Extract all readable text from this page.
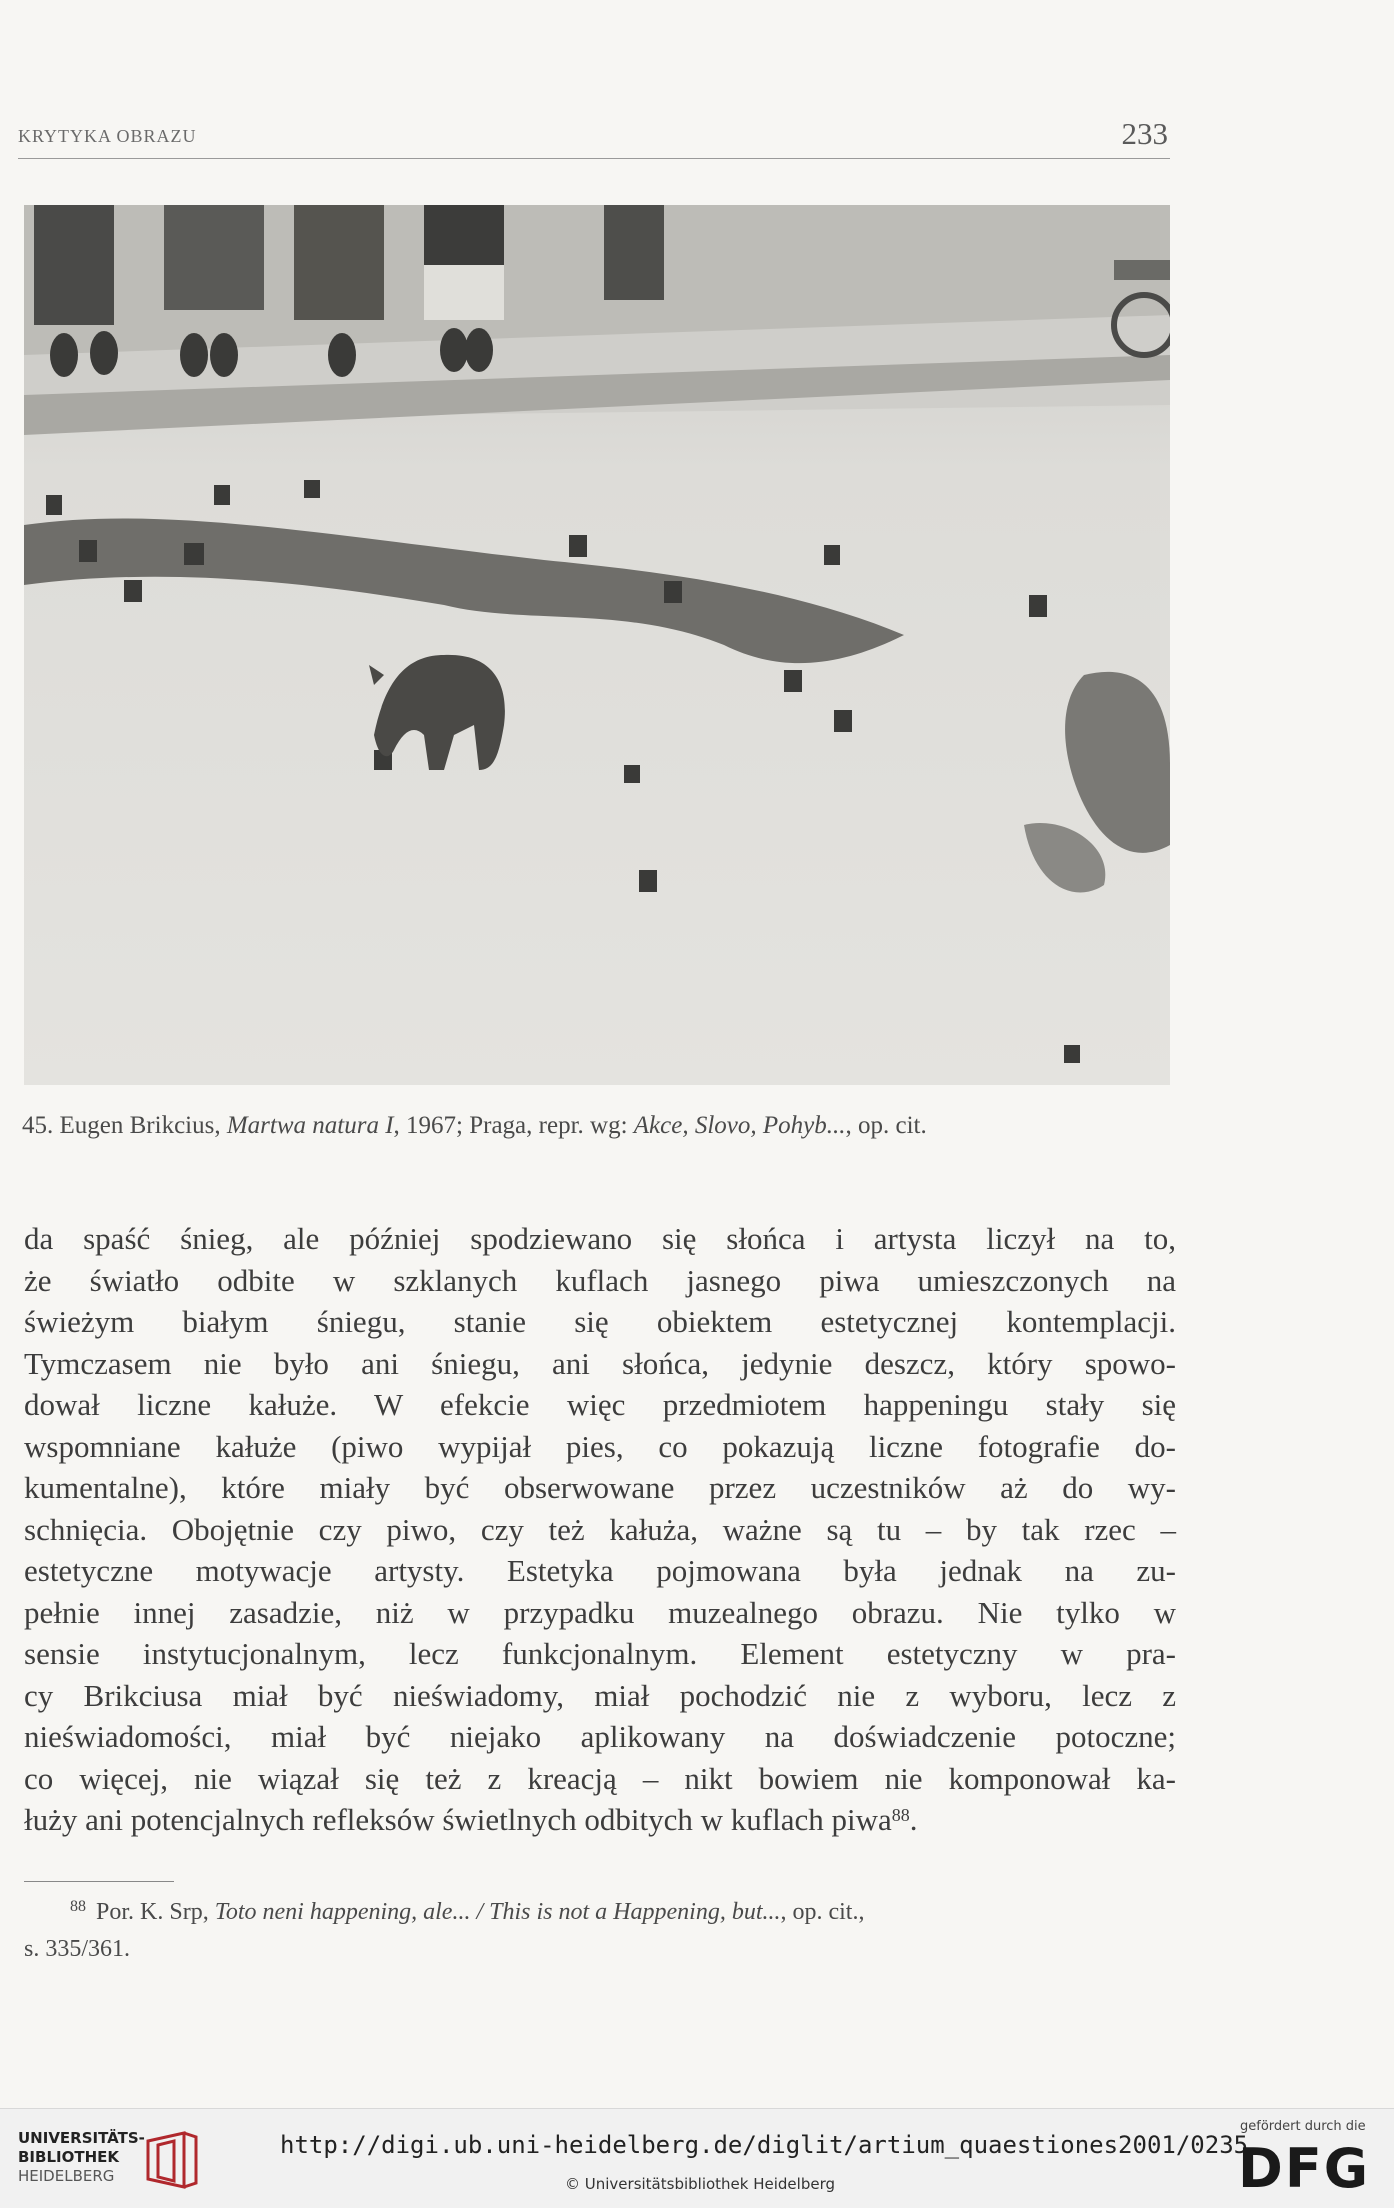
KRYTYKA OBRAZU	233
45. Eugen Brikcius, Martwa natura I, 1967; Praga, repr. wg: Akce, Slovo, Pohyb..., op. cit.
da spaść śnieg, ale później spodziewano się słońca i artysta liczył na to,
że światło odbite w szklanych kuflach jasnego piwa umieszczonych na
świeżym białym śniegu, stanie się obiektem estetycznej kontemplacji.
Tymczasem nie było ani śniegu, ani słońca, jedynie deszcz, który spowo-
dował liczne kałuże. W efekcie więc przedmiotem happeningu stały się
wspomniane kałuże (piwo wypijał pies, co pokazują liczne fotografie do-
kumentalne), które miały być obserwowane przez uczestników aż do wy-
schnięcia. Obojętnie czy piwo, czy też kałuża, ważne są tu – by tak rzec –
estetyczne motywacje artysty. Estetyka pojmowana była jednak na zu-
pełnie innej zasadzie, niż w przypadku muzealnego obrazu. Nie tylko w
sensie instytucjonalnym, lecz funkcjonalnym. Element estetyczny w pra-
cy Brikciusa miał być nieświadomy, miał pochodzić nie z wyboru, lecz z
nieświadomości, miał być niejako aplikowany na doświadczenie potoczne;
co więcej, nie wiązał się też z kreacją – nikt bowiem nie komponował ka-
łuży ani potencjalnych refleksów świetlnych odbitych w kuflach piwa$^{88}$.
$^{88}$ Por. K. Srp, Toto neni happening, ale... / This is not a Happening, but..., op. cit.,
s. 335/361.
UNIVERSITÄTS-
BIBLIOTHEK
HEIDELBERG
http://digi.ub.uni-heidelberg.de/diglit/artium_quaestiones2001/0235
© Universitätsbibliothek Heidelberg
gefördert durch die
DFG
